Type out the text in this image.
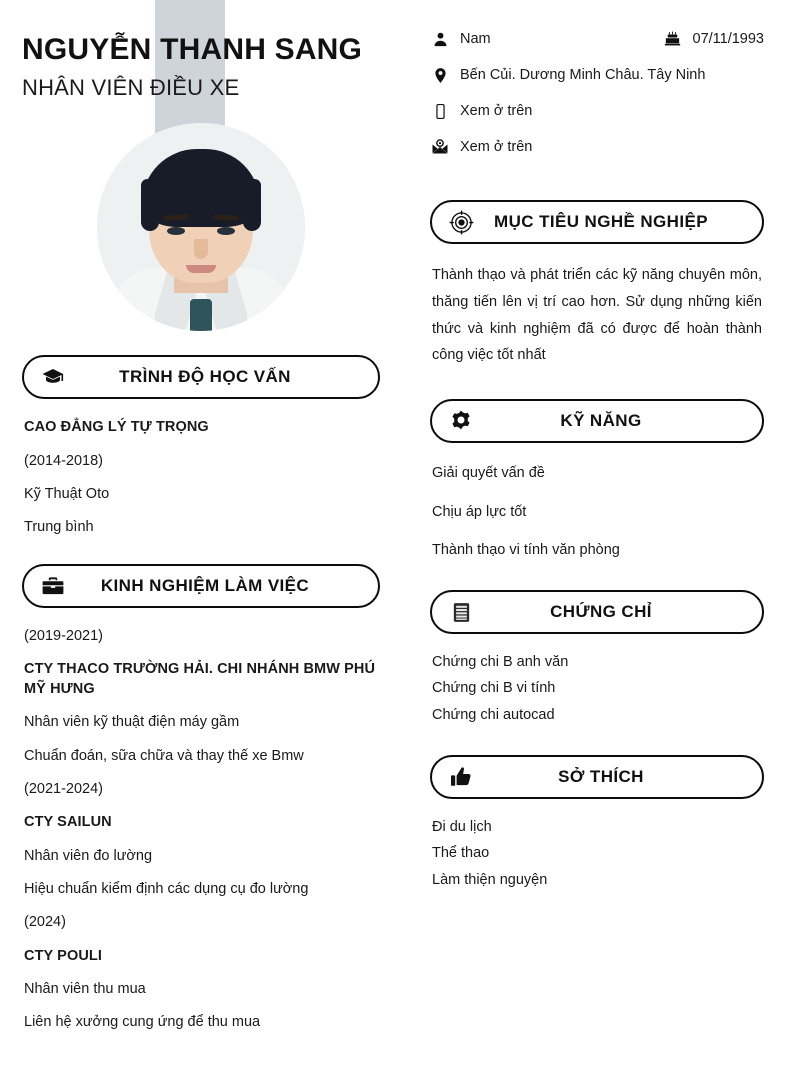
NGUYỄN THANH SANG
NHÂN VIÊN ĐIỀU XE
TRÌNH ĐỘ HỌC VẤN
CAO ĐẲNG LÝ TỰ TRỌNG
(2014-2018)
Kỹ Thuật Oto
Trung bình
KINH NGHIỆM LÀM VIỆC
(2019-2021)
CTY THACO TRƯỜNG HẢI. CHI NHÁNH BMW PHÚ MỸ HƯNG
Nhân viên kỹ thuật điện máy gầm
Chuẩn đoán, sữa chữa và thay thế xe Bmw
(2021-2024)
CTY SAILUN
Nhân viên đo lường
Hiệu chuẩn kiểm định các dụng cụ đo lường
(2024)
CTY POULI
Nhân viên thu mua
Liên hệ xưởng cung ứng để thu mua
Nam	07/11/1993
Bến Củi. Dương Minh Châu. Tây Ninh
Xem ở trên
Xem ở trên
MỤC TIÊU NGHỀ NGHIỆP
Thành thạo và phát triển các kỹ năng chuyên môn, thăng tiến lên vị trí cao hơn. Sử dụng những kiến thức và kinh nghiệm đã có được để hoàn thành công việc tốt nhất
KỸ NĂNG
Giải quyết vấn đề
Chịu áp lực tốt
Thành thạo vi tính văn phòng
CHỨNG CHỈ
Chứng chi B anh văn
Chứng chi B vi tính
Chứng chi autocad
SỞ THÍCH
Đi du lịch
Thể thao
Làm thiện nguyện
